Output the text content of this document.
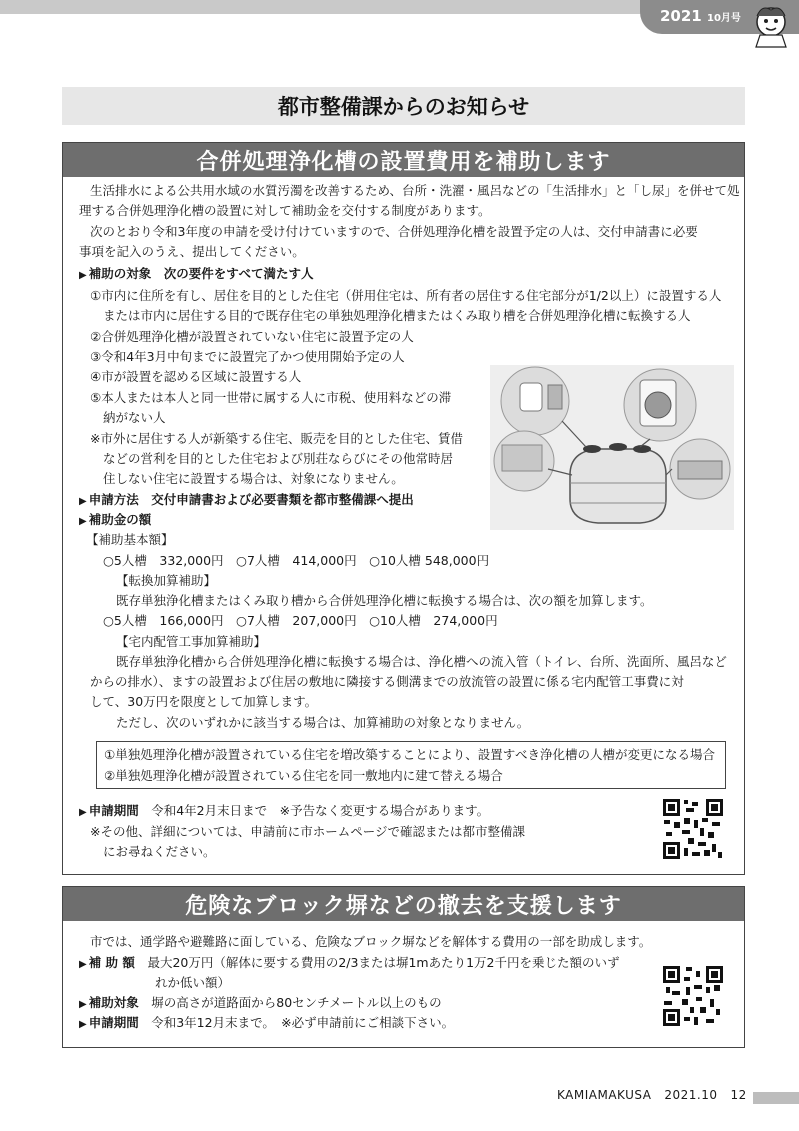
2021 10月号
都市整備課からのお知らせ
合併処理浄化槽の設置費用を補助します
生活排水による公共用水域の水質汚濁を改善するため、台所・洗濯・風呂などの「生活排水」と「し尿」を併せて処
理する合併処理浄化槽の設置に対して補助金を交付する制度があります。
次のとおり令和3年度の申請を受け付けていますので、合併処理浄化槽を設置予定の人は、交付申請書に必要
事項を記入のうえ、提出してください。
▶ 補助の対象　次の要件をすべて満たす人
①市内に住所を有し、居住を目的とした住宅（併用住宅は、所有者の居住する住宅部分が1/2以上）に設置する人
または市内に居住する目的で既存住宅の単独処理浄化槽またはくみ取り槽を合併処理浄化槽に転換する人
②合併処理浄化槽が設置されていない住宅に設置予定の人
③令和4年3月中旬までに設置完了かつ使用開始予定の人
④市が設置を認める区域に設置する人
⑤本人または本人と同一世帯に属する人に市税、使用料などの滞
納がない人
※市外に居住する人が新築する住宅、販売を目的とした住宅、賃借
などの営利を目的とした住宅および別荘ならびにその他常時居
住しない住宅に設置する場合は、対象になりません。
▶ 申請方法　交付申請書および必要書類を都市整備課へ提出
▶ 補助金の額
【補助基本額】
○5人槽　332,000円　○7人槽　414,000円　○10人槽 548,000円
【転換加算補助】
既存単独浄化槽またはくみ取り槽から合併処理浄化槽に転換する場合は、次の額を加算します。
○5人槽　166,000円　○7人槽　207,000円　○10人槽　274,000円
【宅内配管工事加算補助】
既存単独浄化槽から合併処理浄化槽に転換する場合は、浄化槽への流入管（トイレ、台所、洗面所、風呂など
からの排水）、ますの設置および住居の敷地に隣接する側溝までの放流管の設置に係る宅内配管工事費に対
して、30万円を限度として加算します。
ただし、次のいずれかに該当する場合は、加算補助の対象となりません。
①単独処理浄化槽が設置されている住宅を増改築することにより、設置すべき浄化槽の人槽が変更になる場合
②単独処理浄化槽が設置されている住宅を同一敷地内に建て替える場合
▶ 申請期間　 令和4年2月末日まで　※予告なく変更する場合があります。
※その他、詳細については、申請前に市ホームページで確認または都市整備課
にお尋ねください。
危険なブロック塀などの撤去を支援します
市では、通学路や避難路に面している、危険なブロック塀などを解体する費用の一部を助成します。
▶ 補 助 額　 最大20万円（解体に要する費用の2/3または塀1mあたり1万2千円を乗じた額のいず
れか低い額）
▶ 補助対象　 塀の高さが道路面から80センチメートル以上のもの
▶ 申請期間　 令和3年12月末まで。　※必ず申請前にご相談下さい。
KAMIAMAKUSA 2021.10 12
